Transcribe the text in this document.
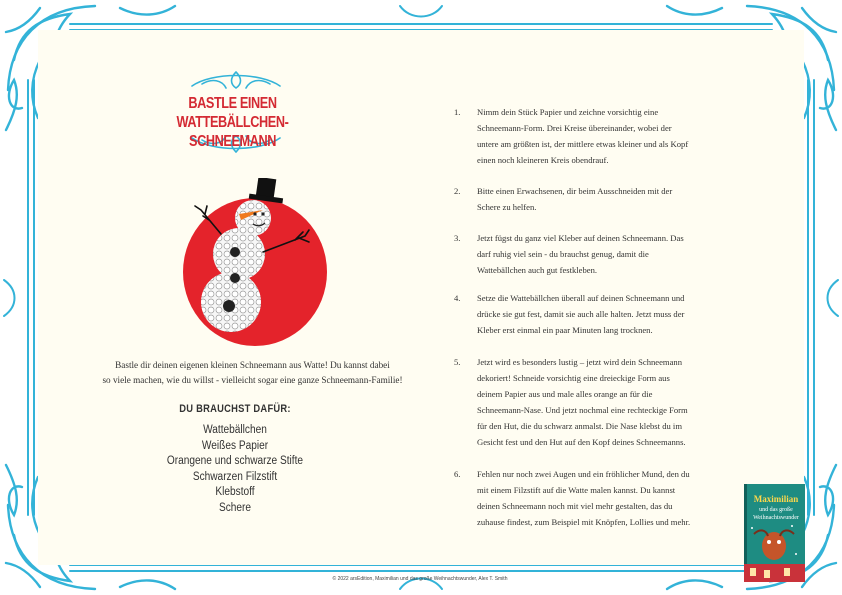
BASTLE EINEN WATTEBÄLLCHEN-
SCHNEEMANN
Bastle dir deinen eigenen kleinen Schneemann aus Watte! Du kannst dabei
so viele machen, wie du willst - vielleicht sogar eine ganze Schneemann-Familie!
DU BRAUCHST DAFÜR:
Wattebällchen
Weißes Papier
Orangene und schwarze Stifte
Schwarzen Filzstift
Klebstoff
Schere
1. Nimm dein Stück Papier und zeichne vorsichtig eine
Schneemann-Form. Drei Kreise übereinander, wobei der
untere am größten ist, der mittlere etwas kleiner und als Kopf
einen noch kleineren Kreis obendrauf.
2. Bitte einen Erwachsenen, dir beim Ausschneiden mit der
Schere zu helfen.
3. Jetzt fügst du ganz viel Kleber auf deinen Schneemann. Das
darf ruhig viel sein - du brauchst genug, damit die
Wattebällchen auch gut festkleben.
4. Setze die Wattebällchen überall auf deinen Schneemann und
drücke sie gut fest, damit sie auch alle halten. Jetzt muss der
Kleber erst einmal ein paar Minuten lang trocknen.
5. Jetzt wird es besonders lustig – jetzt wird dein Schneemann
dekoriert! Schneide vorsichtig eine dreieckige Form aus
deinem Papier aus und male alles orange an für die
Schneemann-Nase. Und jetzt nochmal eine rechteckige Form
für den Hut, die du schwarz anmalst. Die Nase klebst du im
Gesicht fest und den Hut auf den Kopf deines Schneemanns.
6. Fehlen nur noch zwei Augen und ein fröhlicher Mund, den du
mit einem Filzstift auf die Watte malen kannst. Du kannst
deinen Schneemann noch mit viel mehr gestalten, das du
zuhause findest, zum Beispiel mit Knöpfen, Lollies und mehr.
Maximilian
und das große
Weihnachtswunder
© 2022 arsEdition, Maximilian und das große Weihnachtswunder, Alex T. Smith
